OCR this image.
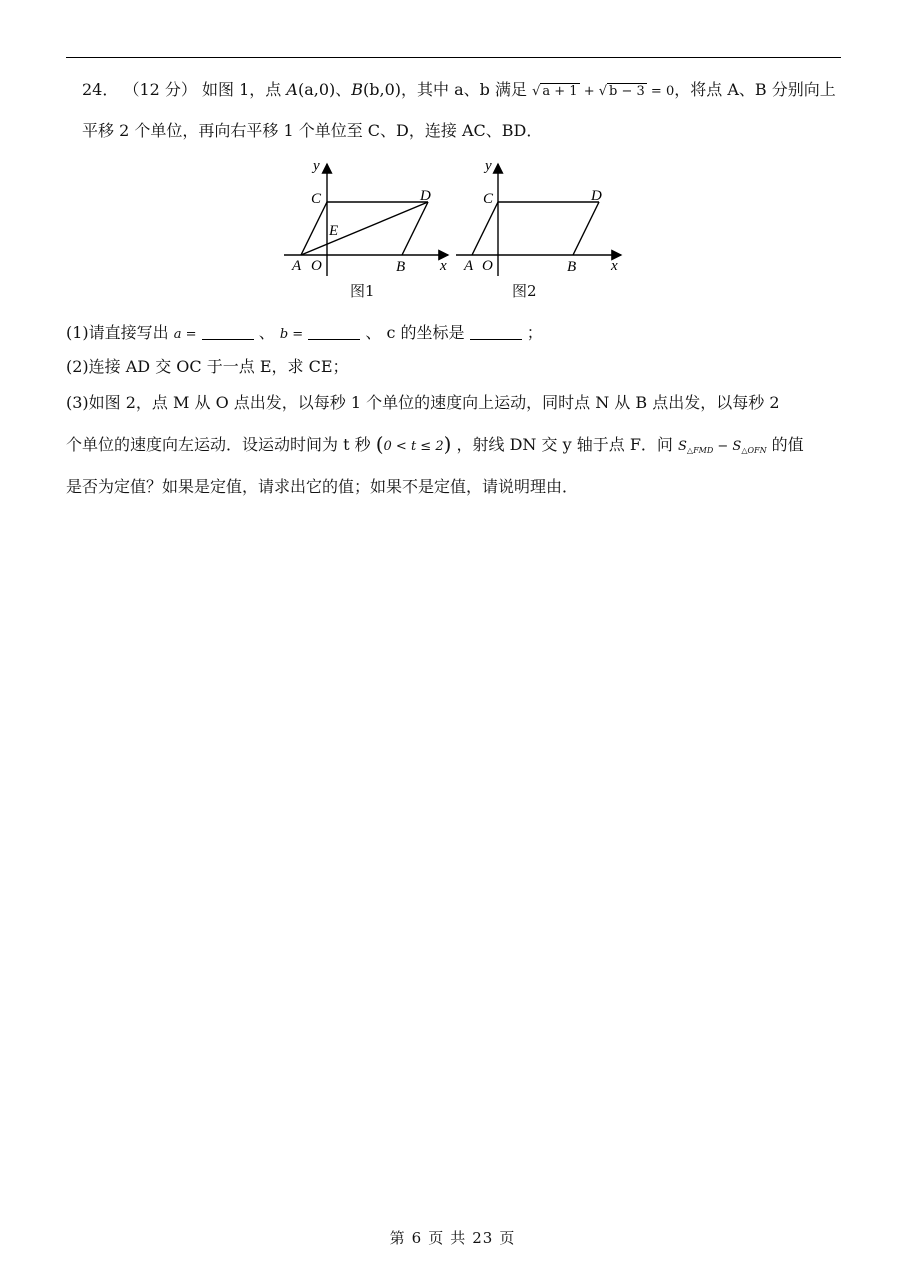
24． （12 分） 如图 1，点 A(a,0)、B(b,0)，其中 a、b 满足 √ a + 1 + √ b − 3 = 0，将点 A、B 分别向上
平移 2 个单位，再向右平移 1 个单位至 C、D，连接 AC、BD．
y
x
C	D
E
A O	B
y
x
C	D
A O	B
图1	图2
(1)请直接写出 a =	、 b =	、 c 的坐标是	；
(2)连接 AD 交 OC 于一点 E，求 CE；
(3)如图 2，点 M 从 O 点出发，以每秒 1 个单位的速度向上运动，同时点 N 从 B 点出发，以每秒 2
个单位的速度向左运动．设运动时间为 t 秒 (0 < t ≤ 2) ，射线 DN 交 y 轴于点 F．问 $S_{\triangle FMD} - S_{\triangle OFN}$ 的值
是否为定值？如果是定值，请求出它的值；如果不是定值，请说明理由．
第 6 页 共 23 页
